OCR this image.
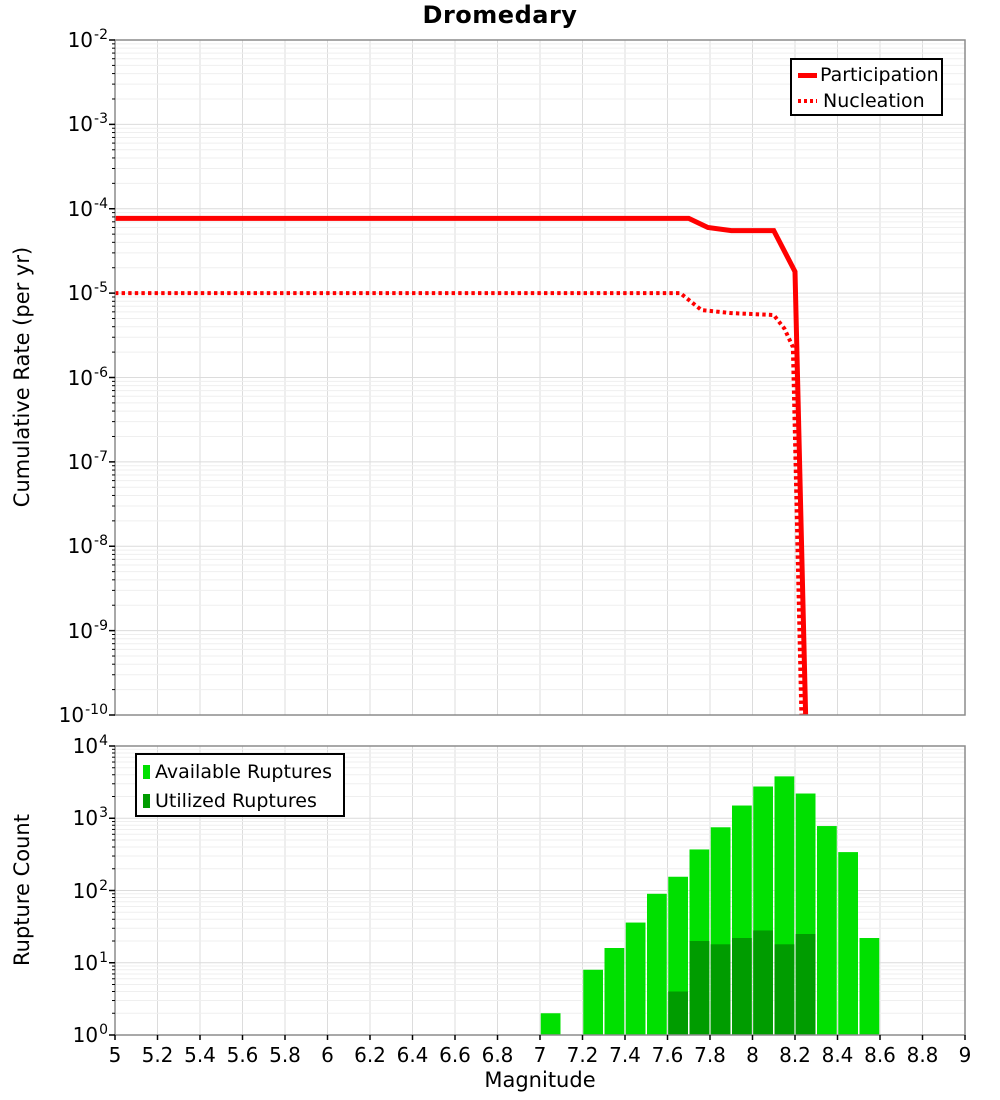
Dromedary
Cumulative Rate (per yr)
Rupture Count
Magnitude
Participation
Nucleation
Available Ruptures
Utilized Ruptures
$10^{-2}$
$10^{-3}$
$10^{-4}$
$10^{-5}$
$10^{-6}$
$10^{-7}$
$10^{-8}$
$10^{-9}$
$10^{-10}$
$10^4$
$10^3$
$10^2$
$10^1$
$10^0$
5	5.2 5.4 5.6 5.8	6	6.2 6.4 6.6 6.8	7	7.2 7.4 7.6 7.8	8	8.2 8.4 8.6 8.8	9
